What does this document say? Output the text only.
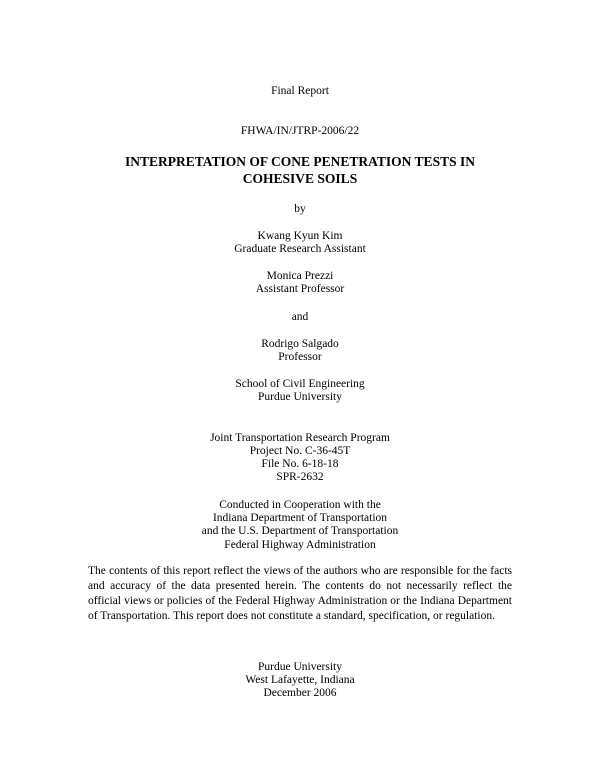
Final Report
FHWA/IN/JTRP-2006/22
INTERPRETATION OF CONE PENETRATION TESTS IN
COHESIVE SOILS
by
Kwang Kyun Kim
Graduate Research Assistant
Monica Prezzi
Assistant Professor
and
Rodrigo Salgado
Professor
School of Civil Engineering
Purdue University
Joint Transportation Research Program
Project No. C-36-45T
File No. 6-18-18
SPR-2632
Conducted in Cooperation with the
Indiana Department of Transportation
and the U.S. Department of Transportation
Federal Highway Administration
The contents of this report reflect the views of the authors who are responsible for the facts and accuracy of the data presented herein. The contents do not necessarily reflect the official views or policies of the Federal Highway Administration or the Indiana Department of Transportation. This report does not constitute a standard, specification, or regulation.
Purdue University
West Lafayette, Indiana
December 2006
